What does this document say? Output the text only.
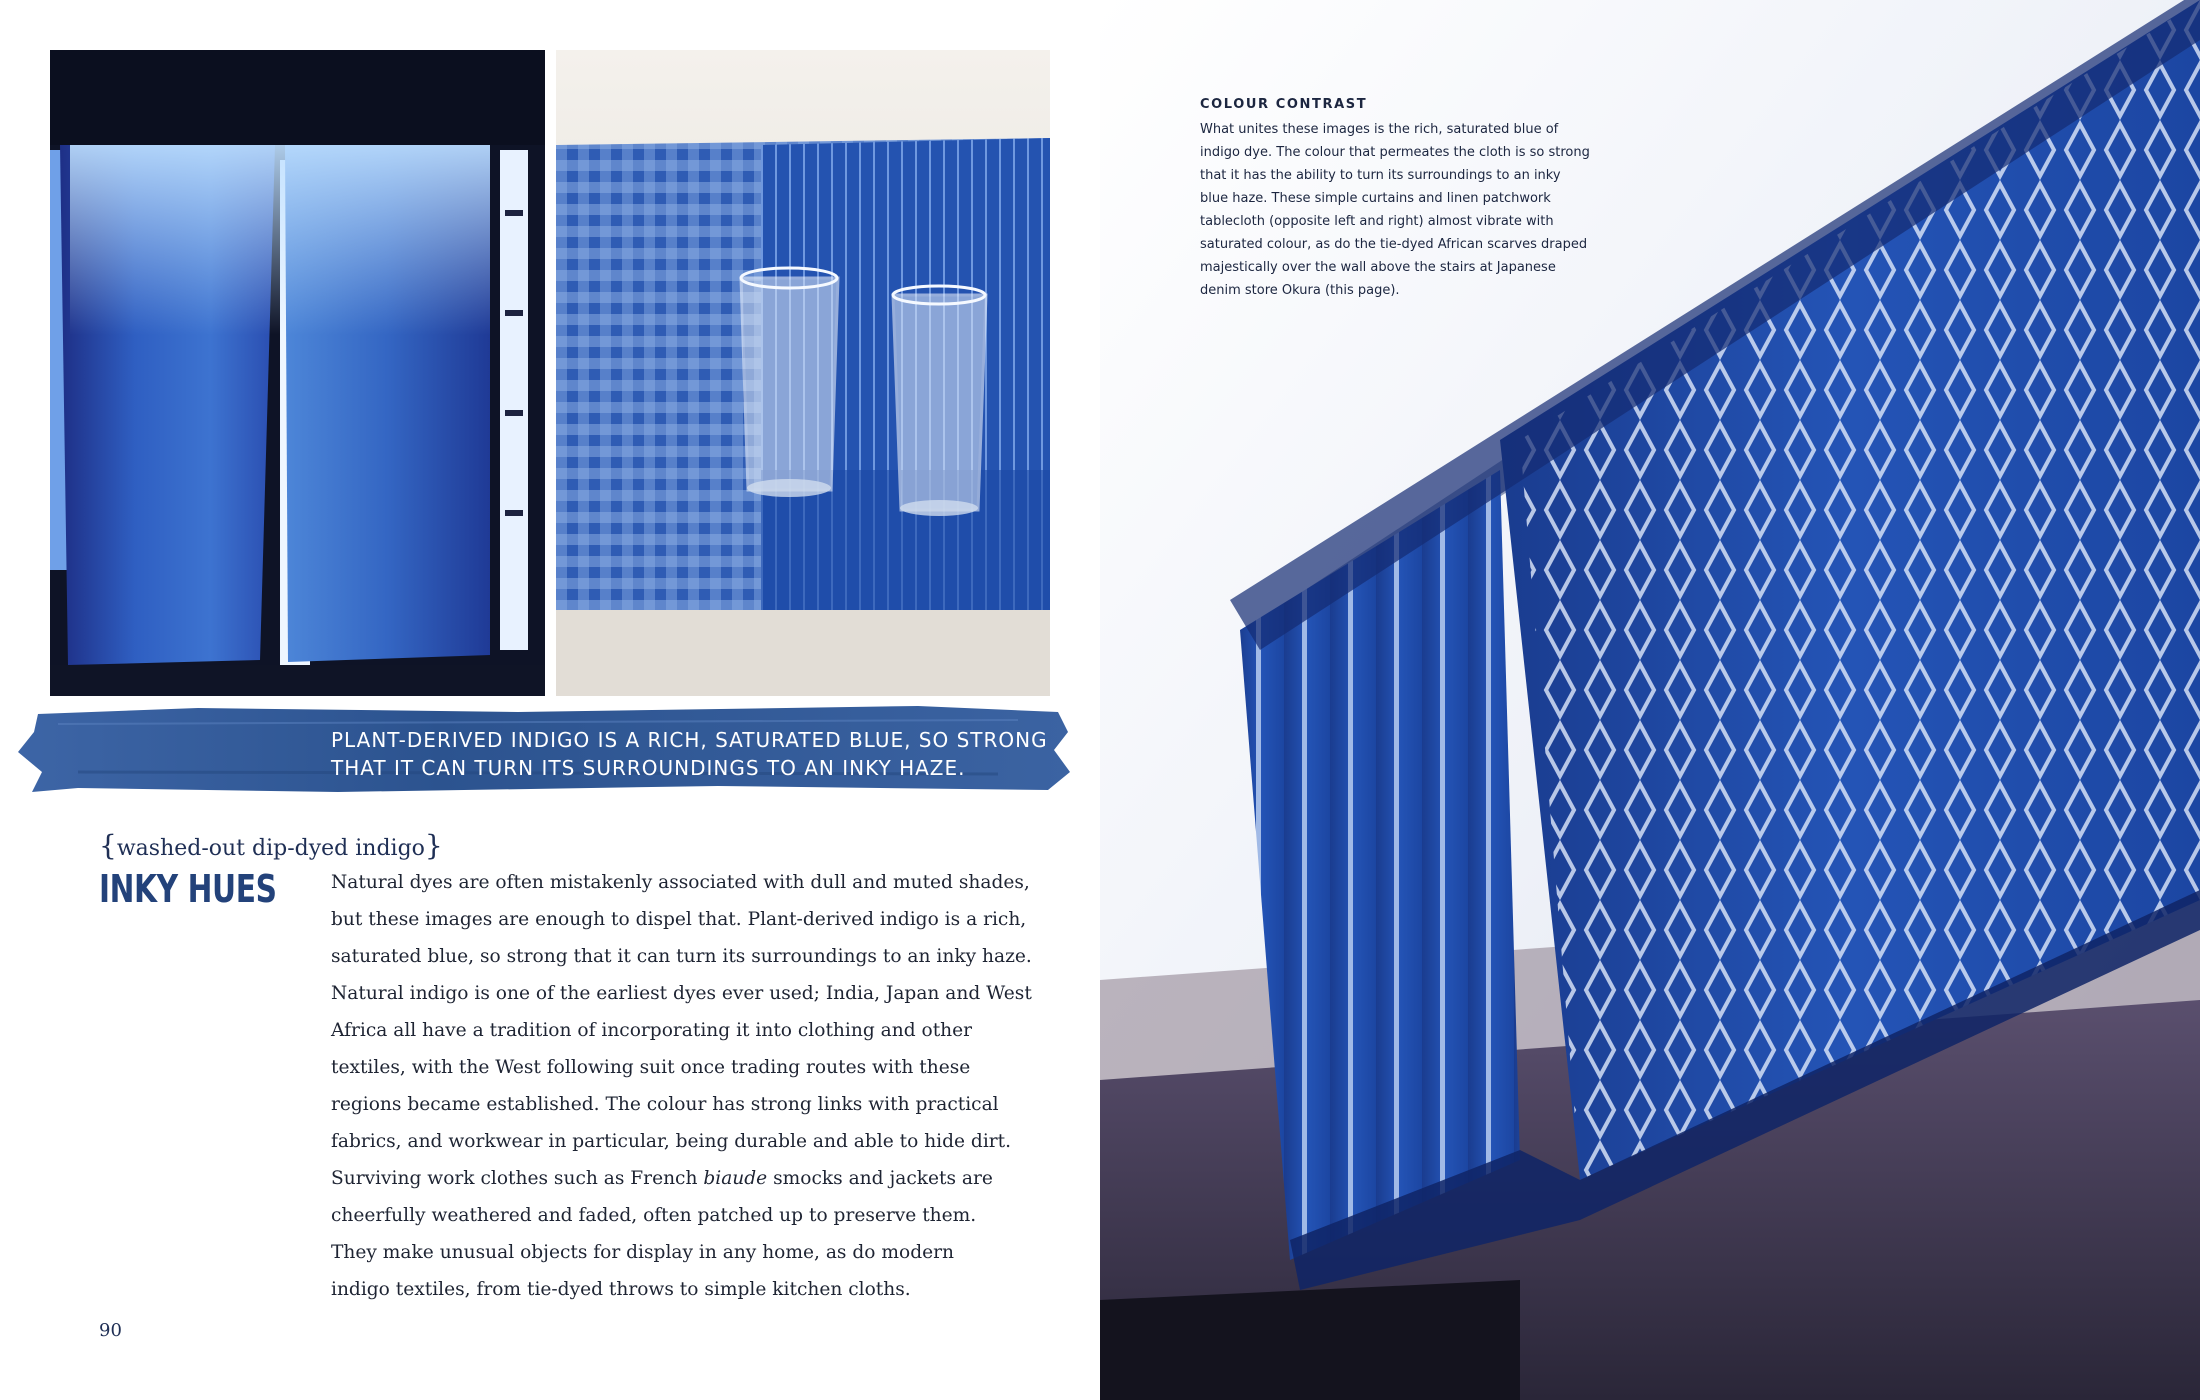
PLANT-DERIVED INDIGO IS A RICH, SATURATED BLUE, SO STRONG
THAT IT CAN TURN ITS SURROUNDINGS TO AN INKY HAZE.
{washed-out dip-dyed indigo}
INKY HUES	Natural dyes are often mistakenly associated with dull and muted shades,
but these images are enough to dispel that. Plant-derived indigo is a rich,
saturated blue, so strong that it can turn its surroundings to an inky haze.
Natural indigo is one of the earliest dyes ever used; India, Japan and West
Africa all have a tradition of incorporating it into clothing and other
textiles, with the West following suit once trading routes with these
regions became established. The colour has strong links with practical
fabrics, and workwear in particular, being durable and able to hide dirt.
Surviving work clothes such as French biaude smocks and jackets are
cheerfully weathered and faded, often patched up to preserve them.
They make unusual objects for display in any home, as do modern
indigo textiles, from tie-dyed throws to simple kitchen cloths.
90
COLOUR CONTRAST
What unites these images is the rich, saturated blue of
indigo dye. The colour that permeates the cloth is so strong
that it has the ability to turn its surroundings to an inky
blue haze. These simple curtains and linen patchwork
tablecloth (opposite left and right) almost vibrate with
saturated colour, as do the tie-dyed African scarves draped
majestically over the wall above the stairs at Japanese
denim store Okura (this page).
